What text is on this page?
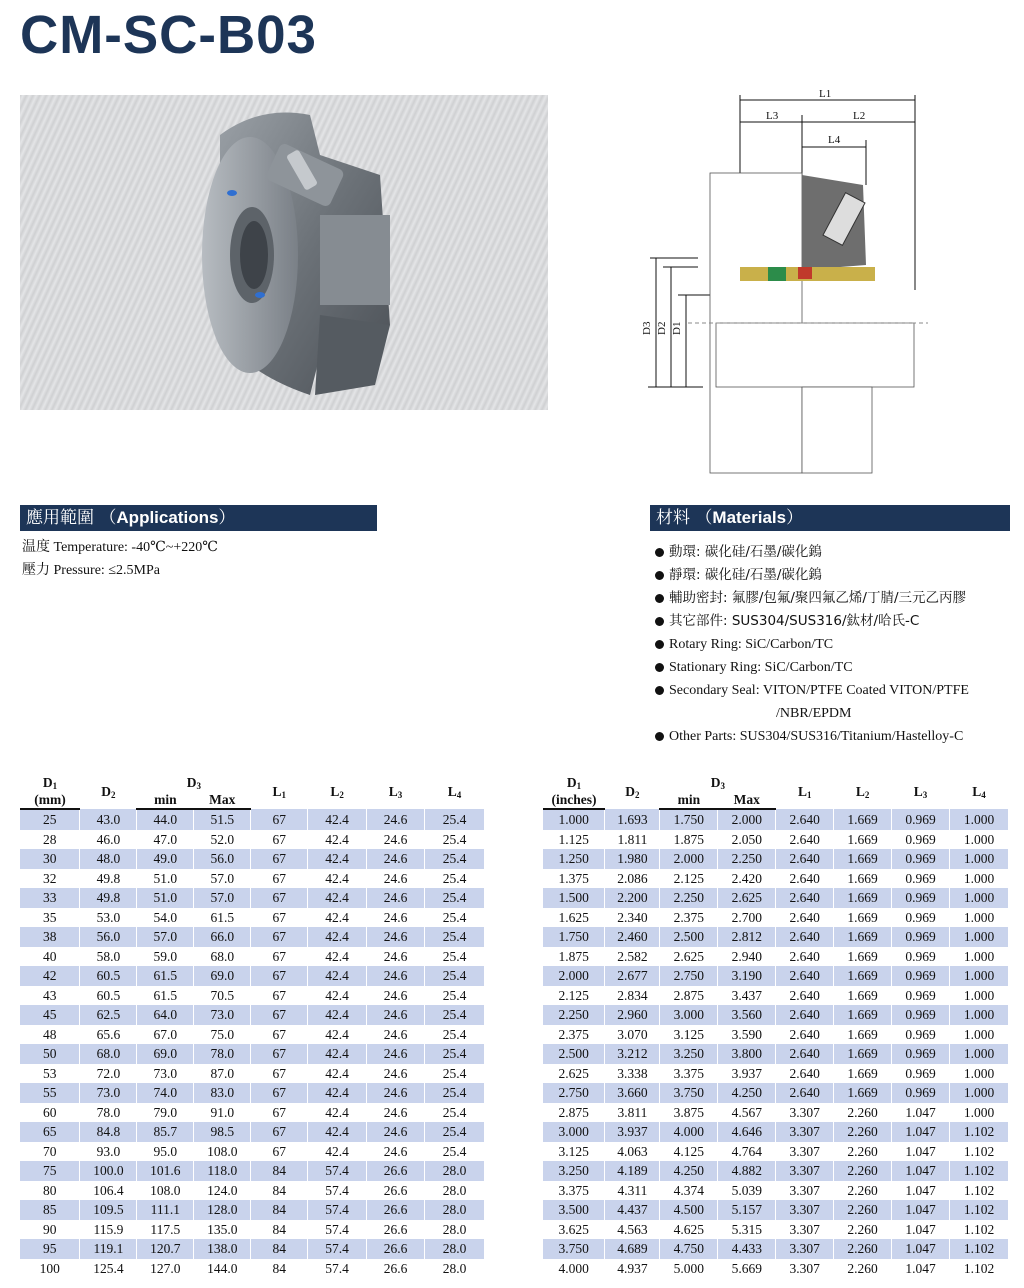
CM-SC-B03
L1
L3	L2
L4
D3 D2 D1
應用範圍 （Applications）
温度 Temperature: -40℃~+220℃
壓力 Pressure: ≤2.5MPa
材料 （Materials）
動環: 碳化硅/石墨/碳化鎢
靜環: 碳化硅/石墨/碳化鎢
輔助密封: 氟膠/包氟/聚四氟乙烯/丁腈/三元乙丙膠
其它部件: SUS304/SUS316/鈦材/哈氏-C
Rotary Ring: SiC/Carbon/TC
Stationary Ring: SiC/Carbon/TC
Secondary Seal: VITON/PTFE Coated VITON/PTFE
/NBR/EPDM
Other Parts: SUS304/SUS316/Titanium/Hastelloy-C
$D_1$	$D_2$	$D_3$		$L_1$	$L_2$	$L_3$	$L_4$
(mm)		min	Max				
25	43.0	44.0	51.5	67	42.4	24.6	25.4
28	46.0	47.0	52.0	67	42.4	24.6	25.4
30	48.0	49.0	56.0	67	42.4	24.6	25.4
32	49.8	51.0	57.0	67	42.4	24.6	25.4
33	49.8	51.0	57.0	67	42.4	24.6	25.4
35	53.0	54.0	61.5	67	42.4	24.6	25.4
38	56.0	57.0	66.0	67	42.4	24.6	25.4
40	58.0	59.0	68.0	67	42.4	24.6	25.4
42	60.5	61.5	69.0	67	42.4	24.6	25.4
43	60.5	61.5	70.5	67	42.4	24.6	25.4
45	62.5	64.0	73.0	67	42.4	24.6	25.4
48	65.6	67.0	75.0	67	42.4	24.6	25.4
50	68.0	69.0	78.0	67	42.4	24.6	25.4
53	72.0	73.0	87.0	67	42.4	24.6	25.4
55	73.0	74.0	83.0	67	42.4	24.6	25.4
60	78.0	79.0	91.0	67	42.4	24.6	25.4
65	84.8	85.7	98.5	67	42.4	24.6	25.4
70	93.0	95.0	108.0	67	42.4	24.6	25.4
75	100.0	101.6	118.0	84	57.4	26.6	28.0
80	106.4	108.0	124.0	84	57.4	26.6	28.0
85	109.5	111.1	128.0	84	57.4	26.6	28.0
90	115.9	117.5	135.0	84	57.4	26.6	28.0
95	119.1	120.7	138.0	84	57.4	26.6	28.0
100	125.4	127.0	144.0	84	57.4	26.6	28.0
$D_1$	$D_2$	$D_3$		$L_1$	$L_2$	$L_3$	$L_4$
(inches)		min	Max				
1.000	1.693	1.750	2.000	2.640	1.669	0.969	1.000
1.125	1.811	1.875	2.050	2.640	1.669	0.969	1.000
1.250	1.980	2.000	2.250	2.640	1.669	0.969	1.000
1.375	2.086	2.125	2.420	2.640	1.669	0.969	1.000
1.500	2.200	2.250	2.625	2.640	1.669	0.969	1.000
1.625	2.340	2.375	2.700	2.640	1.669	0.969	1.000
1.750	2.460	2.500	2.812	2.640	1.669	0.969	1.000
1.875	2.582	2.625	2.940	2.640	1.669	0.969	1.000
2.000	2.677	2.750	3.190	2.640	1.669	0.969	1.000
2.125	2.834	2.875	3.437	2.640	1.669	0.969	1.000
2.250	2.960	3.000	3.560	2.640	1.669	0.969	1.000
2.375	3.070	3.125	3.590	2.640	1.669	0.969	1.000
2.500	3.212	3.250	3.800	2.640	1.669	0.969	1.000
2.625	3.338	3.375	3.937	2.640	1.669	0.969	1.000
2.750	3.660	3.750	4.250	2.640	1.669	0.969	1.000
2.875	3.811	3.875	4.567	3.307	2.260	1.047	1.000
3.000	3.937	4.000	4.646	3.307	2.260	1.047	1.102
3.125	4.063	4.125	4.764	3.307	2.260	1.047	1.102
3.250	4.189	4.250	4.882	3.307	2.260	1.047	1.102
3.375	4.311	4.374	5.039	3.307	2.260	1.047	1.102
3.500	4.437	4.500	5.157	3.307	2.260	1.047	1.102
3.625	4.563	4.625	5.315	3.307	2.260	1.047	1.102
3.750	4.689	4.750	4.433	3.307	2.260	1.047	1.102
4.000	4.937	5.000	5.669	3.307	2.260	1.047	1.102
